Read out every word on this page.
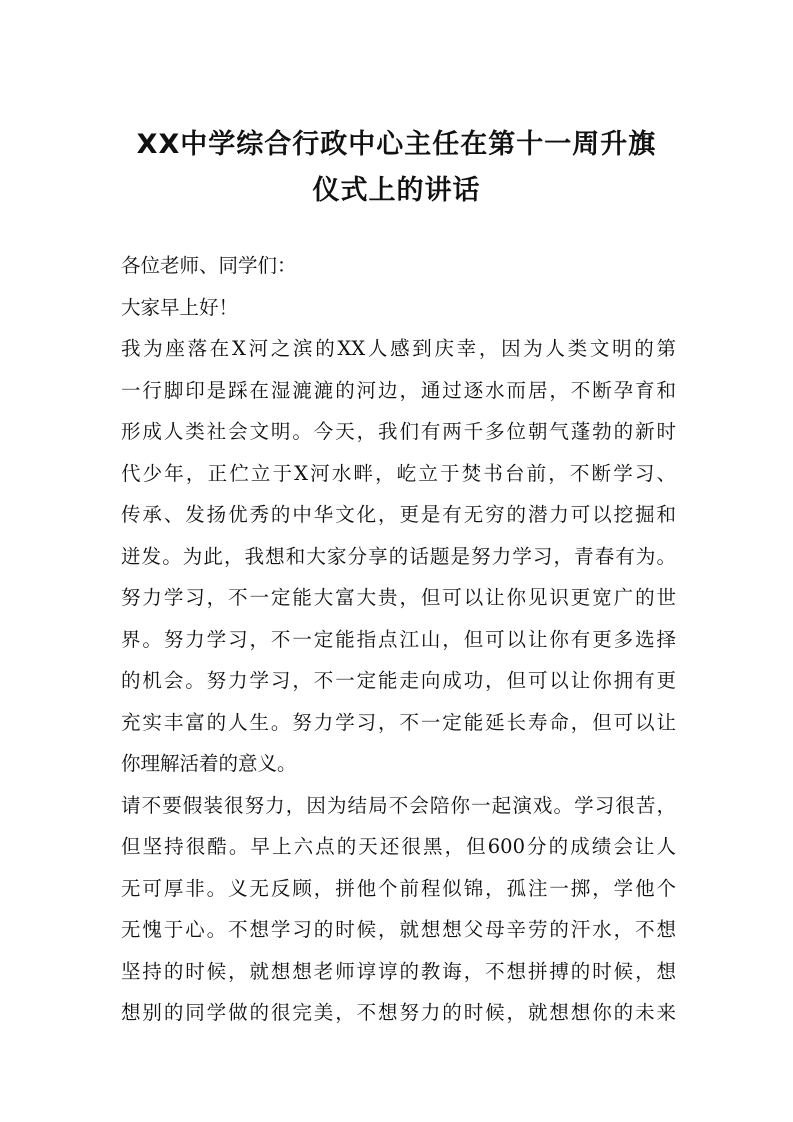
XX中学综合行政中心主任在第十一周升旗
仪式上的讲话
各位老师、同学们：
大家早上好！
我为座落在X河之滨的XX人感到庆幸，因为人类文明的第
一行脚印是踩在湿漉漉的河边，通过逐水而居，不断孕育和
形成人类社会文明。今天，我们有两千多位朝气蓬勃的新时
代少年，正伫立于X河水畔，屹立于焚书台前，不断学习、
传承、发扬优秀的中华文化，更是有无穷的潜力可以挖掘和
迸发。为此，我想和大家分享的话题是努力学习，青春有为。
努力学习，不一定能大富大贵，但可以让你见识更宽广的世
界。努力学习，不一定能指点江山，但可以让你有更多选择
的机会。努力学习，不一定能走向成功，但可以让你拥有更
充实丰富的人生。努力学习，不一定能延长寿命，但可以让
你理解活着的意义。
请不要假装很努力，因为结局不会陪你一起演戏。学习很苦，
但坚持很酷。早上六点的天还很黑，但600分的成绩会让人
无可厚非。义无反顾，拼他个前程似锦，孤注一掷，学他个
无愧于心。不想学习的时候，就想想父母辛劳的汗水，不想
坚持的时候，就想想老师谆谆的教诲，不想拼搏的时候，想
想别的同学做的很完美，不想努力的时候，就想想你的未来
